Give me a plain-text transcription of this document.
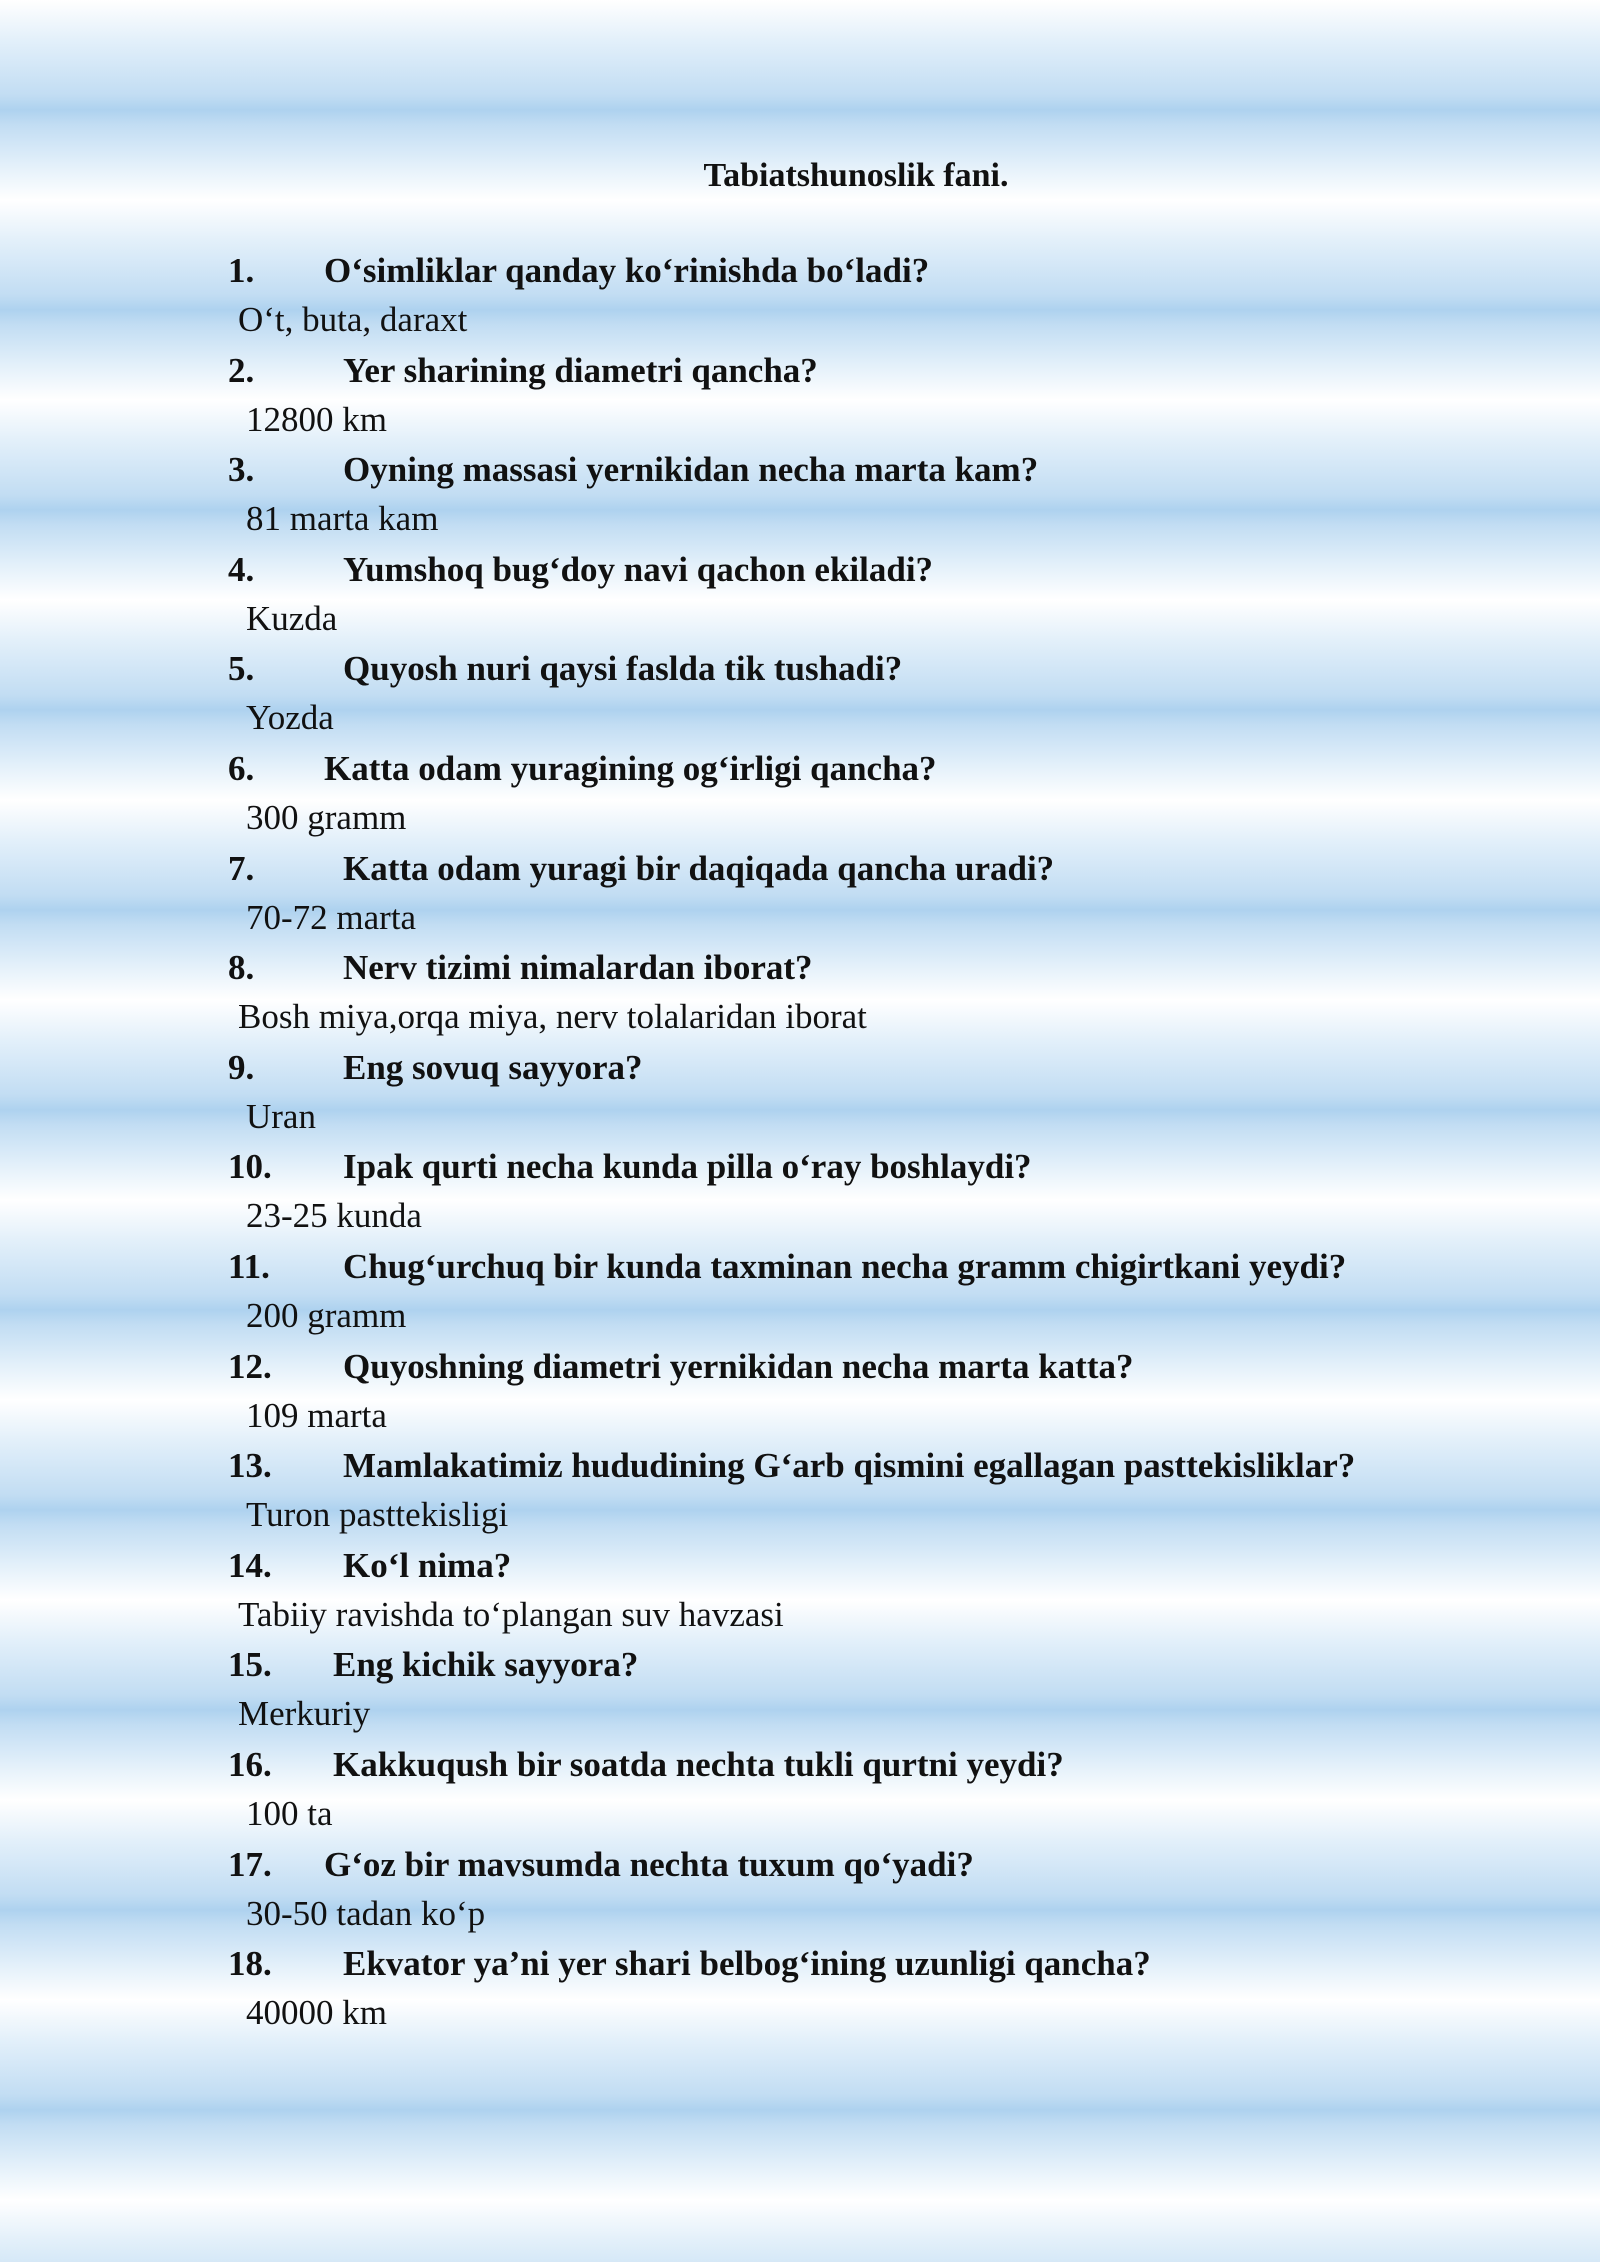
Tabiatshunoslik fani.
1. O‘simliklar qanday ko‘rinishda bo‘ladi?
O‘t, buta, daraxt
2.	Yer sharining diametri qancha?
12800 km
3.	Oyning massasi yernikidan necha marta kam?
81 marta kam
4.	Yumshoq bug‘doy navi qachon ekiladi?
Kuzda
5.	Quyosh nuri qaysi faslda tik tushadi?
Yozda
6. Katta odam yuragining og‘irligi qancha?
300 gramm
7.	Katta odam yuragi bir daqiqada qancha uradi?
70-72 marta
8.	Nerv tizimi nimalardan iborat?
Bosh miya,orqa miya, nerv tolalaridan iborat
9.	Eng sovuq sayyora?
Uran
10. Ipak qurti necha kunda pilla o‘ray boshlaydi?
23-25 kunda
11. Chug‘urchuq bir kunda taxminan necha gramm chigirtkani yeydi?
200 gramm
12. Quyoshning diametri yernikidan necha marta katta?
109 marta
13. Mamlakatimiz hududining G‘arb qismini egallagan pasttekisliklar?
Turon pasttekisligi
14. Ko‘l nima?
Tabiiy ravishda to‘plangan suv havzasi
15. Eng kichik sayyora?
Merkuriy
16. Kakkuqush bir soatda nechta tukli qurtni yeydi?
100 ta
17. G‘oz bir mavsumda nechta tuxum qo‘yadi?
30-50 tadan ko‘p
18. Ekvator ya’ni yer shari belbog‘ining uzunligi qancha?
40000 km
